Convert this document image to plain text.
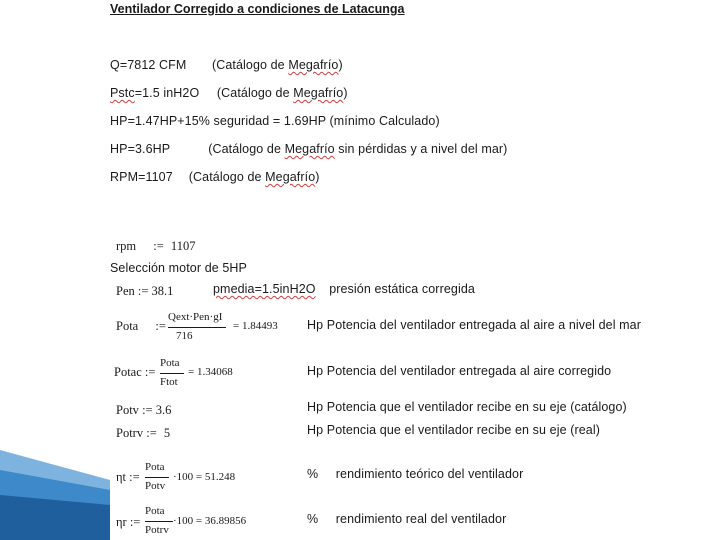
Ventilador Corregido a condiciones de Latacunga
Q=7812 CFM (Catálogo de Megafrío)
Pstc=1.5 inH2O (Catálogo de Megafrío)
HP=1.47HP+15% seguridad = 1.69HP (mínimo Calculado)
HP=3.6HP	(Catálogo de Megafrío sin pérdidas y a nivel del mar)
RPM=1107 (Catálogo de Megafrío)
rpm := 1107
Selección motor de 5HP
Pen := 38.1	pmedia=1.5inH2O presión estática corregida
Pota :=
Qext·Pen·gI
716
= 1.84493 Hp Potencia del ventilador entregada al aire a nivel del mar
Potac :=
Pota
Ftot
= 1.34068	Hp Potencia del ventilador entregada al aire corregido
Potv := 3.6	Hp Potencia que el ventilador recibe en su eje (catálogo)
Potrv := 5	Hp Potencia que el ventilador recibe en su eje (real)
ηt :=
Pota
Potv
·100 = 51.248	% rendimiento teórico del ventilador
ηr :=
Pota
Potrv
·100 = 36.89856	% rendimiento real del ventilador
